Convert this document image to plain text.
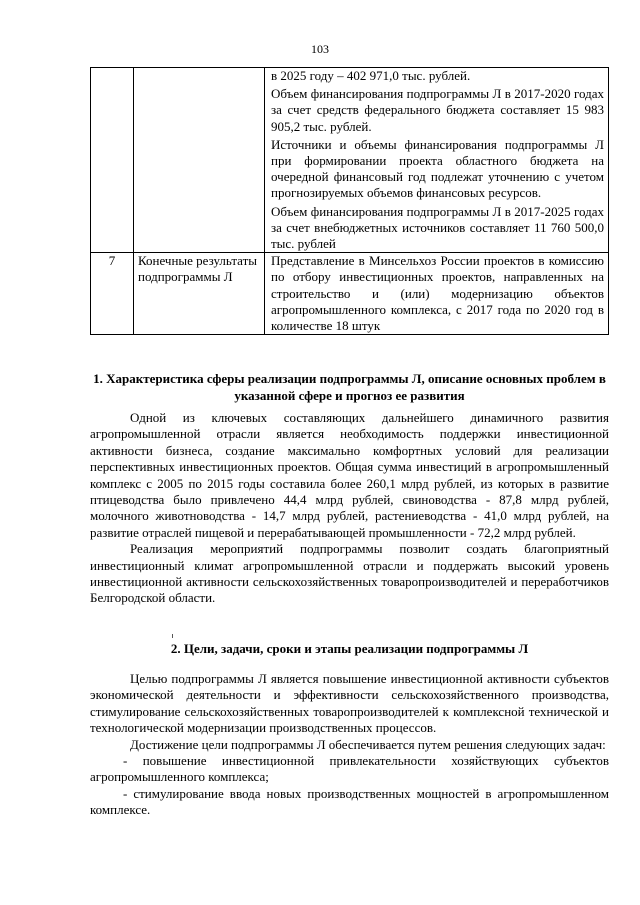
103

		в 2025 году – 402 971,0 тыс. рублей.

Объем финансирования подпрограммы Л в 2017-2020 годах за счет средств федерального бюджета составляет 15 983 905,2 тыс. рублей.

Источники и объемы финансирования подпрограммы Л при формировании проекта областного бюджета на очередной финансовый год подлежат уточнению с учетом прогнозируемых объемов финансовых ресурсов.

Объем финансирования подпрограммы Л в 2017-2025 годах за счет внебюджетных источников составляет 11 760 500,0 тыс. рублей

7	Конечные результаты подпрограммы Л	Представление в Минсельхоз России проектов в комиссию по отбору инвестиционных проектов, направленных на строительство и (или) модернизацию объектов агропромышленного комплекса, с 2017 года по 2020 год в количестве 18 штук

1. Характеристика сферы реализации подпрограммы Л, описание основных проблем в указанной сфере и прогноз ее развития

Одной из ключевых составляющих дальнейшего динамичного развития агропромышленной отрасли является необходимость поддержки инвестиционной активности бизнеса, создание максимально комфортных условий для реализации перспективных инвестиционных проектов. Общая сумма инвестиций в агропромышленный комплекс с 2005 по 2015 годы составила более 260,1 млрд рублей, из которых в развитие птицеводства было привлечено 44,4 млрд рублей, свиноводства - 87,8 млрд рублей, молочного животноводства - 14,7 млрд рублей, растениеводства - 41,0 млрд рублей, на развитие отраслей пищевой и перерабатывающей промышленности - 72,2 млрд рублей.

Реализация мероприятий подпрограммы позволит создать благоприятный инвестиционный климат агропромышленной отрасли и поддержать высокий уровень инвестиционной активности сельскохозяйственных товаропроизводителей и переработчиков Белгородской области.

2. Цели, задачи, сроки и этапы реализации подпрограммы Л

Целью подпрограммы Л является повышение инвестиционной активности субъектов экономической деятельности и эффективности сельскохозяйственного производства, стимулирование сельскохозяйственных товаропроизводителей к комплексной технической и технологической модернизации производственных процессов.

Достижение цели подпрограммы Л обеспечивается путем решения следующих задач:

- повышение инвестиционной привлекательности хозяйствующих субъектов агропромышленного комплекса;

- стимулирование ввода новых производственных мощностей в агропромышленном комплексе.
